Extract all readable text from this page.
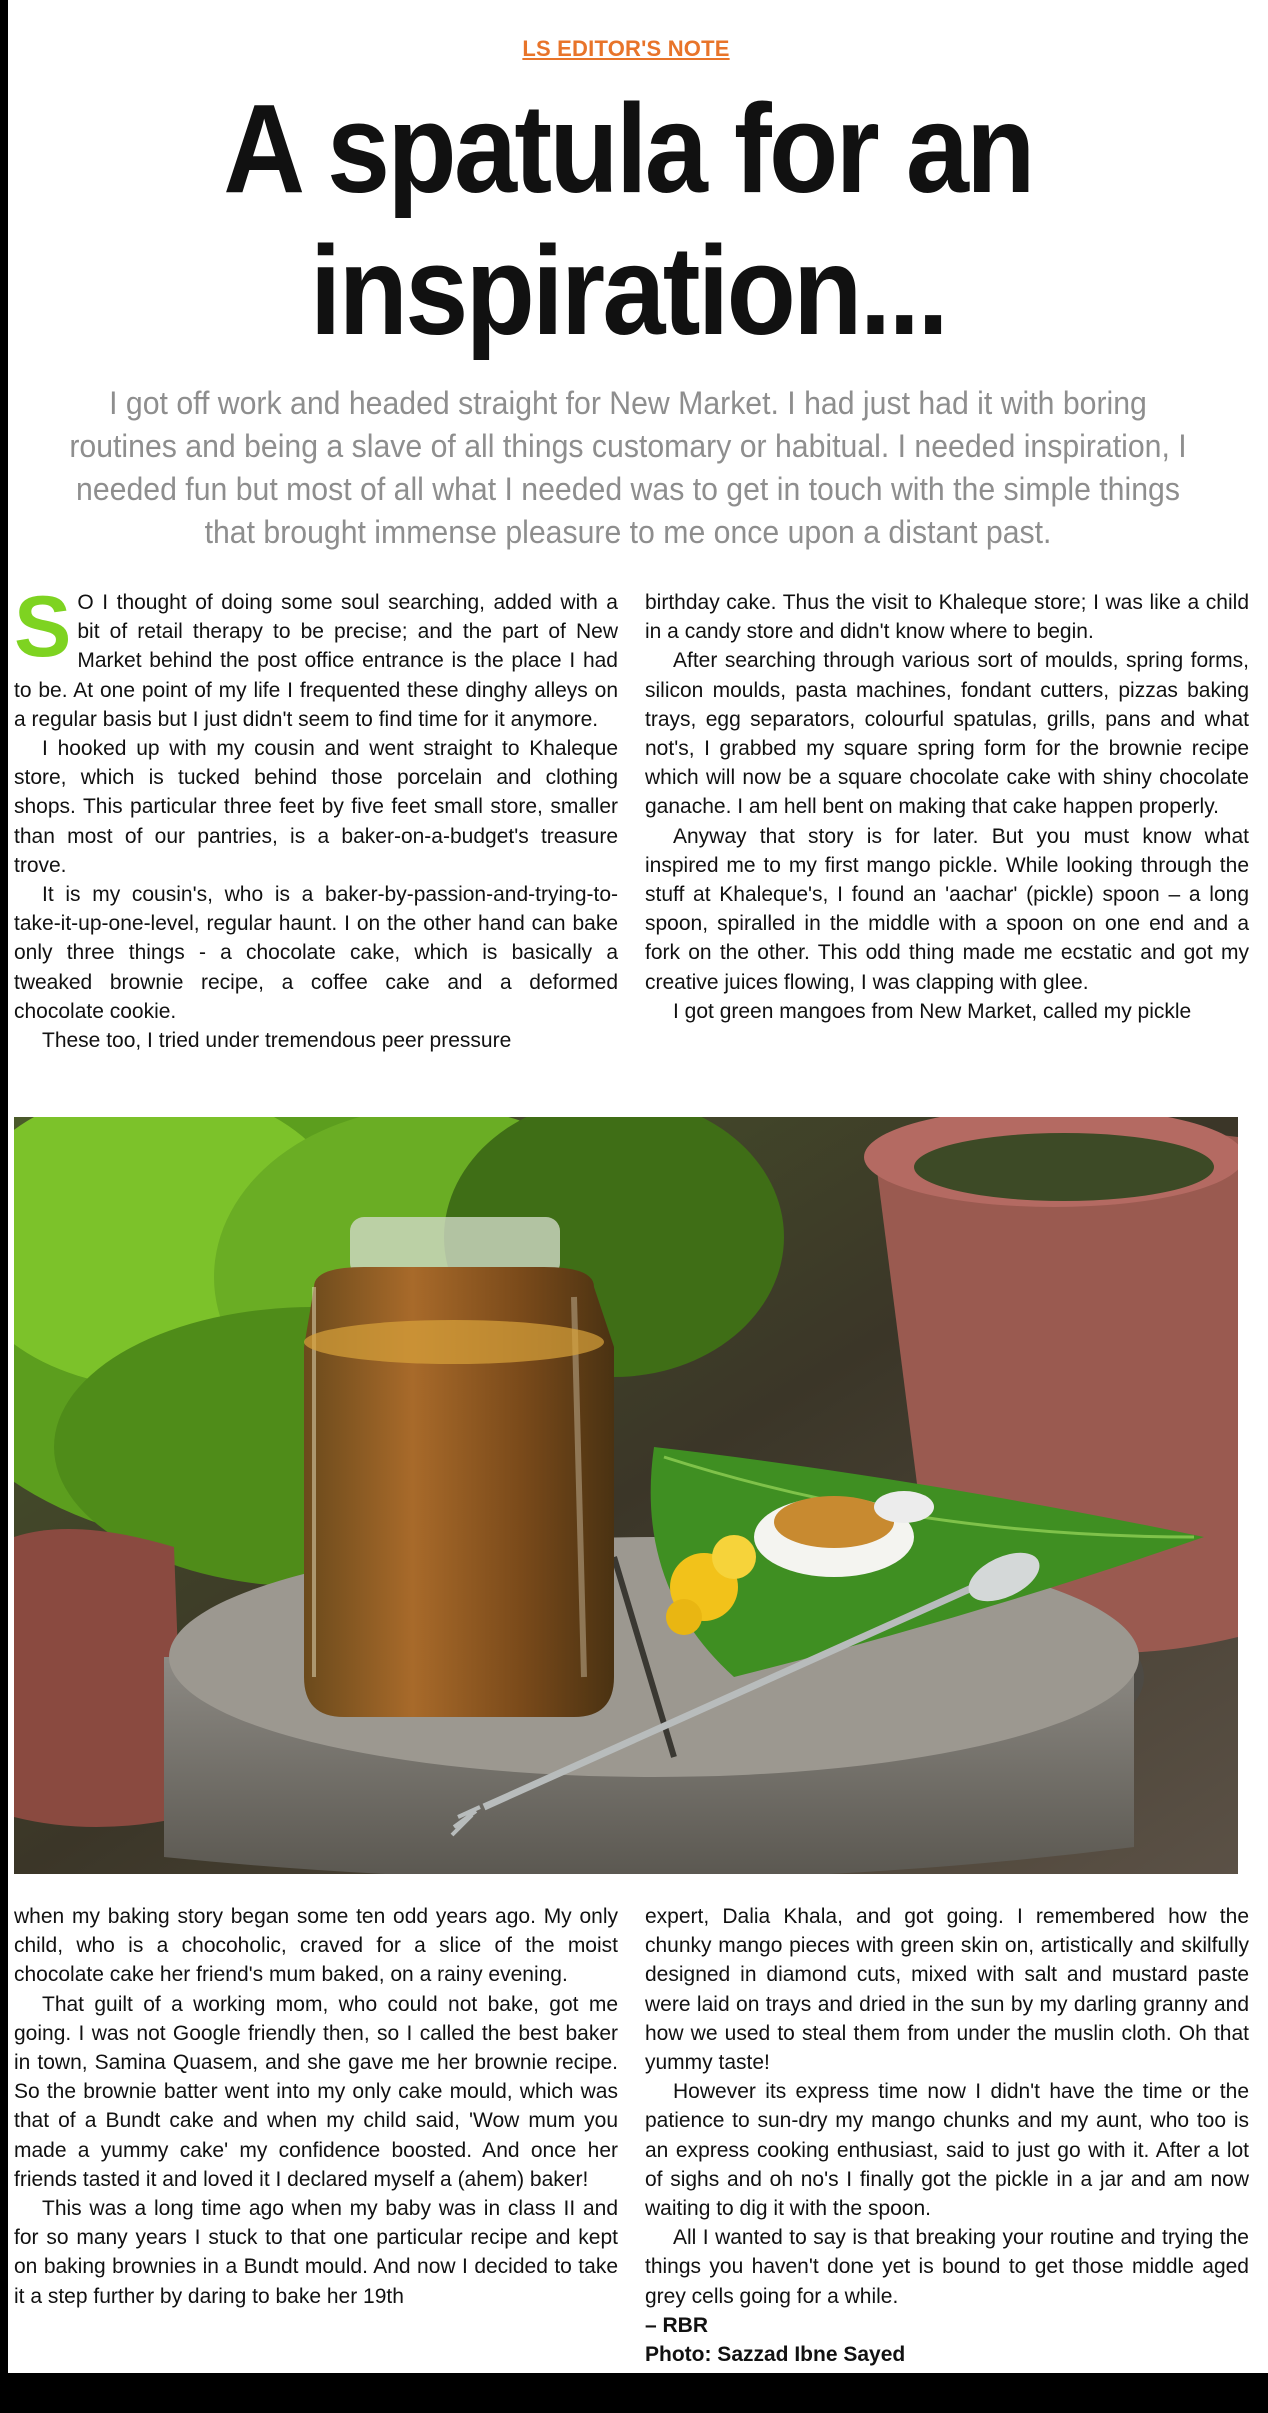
LS EDITOR'S NOTE
A spatula for an inspiration...

I got off work and headed straight for New Market. I had just had it with boring routines and being a slave of all things customary or habitual. I needed inspiration, I needed fun but most of all what I needed was to get in touch with the simple things that brought immense pleasure to me once upon a distant past.

S O I thought of doing some soul searching, added with a bit of retail therapy to be precise; and the part of New Market behind the post office entrance is the place I had to be. At one point of my life I frequented these dinghy alleys on a regular basis but I just didn't seem to find time for it anymore.

I hooked up with my cousin and went straight to Khaleque store, which is tucked behind those porcelain and clothing shops. This particular three feet by five feet small store, smaller than most of our pantries, is a baker-on-a-budget's treasure trove.

It is my cousin's, who is a baker-by-passion-and-trying-to-take-it-up-one-level, regular haunt. I on the other hand can bake only three things - a chocolate cake, which is basically a tweaked brownie recipe, a coffee cake and a deformed chocolate cookie.

These too, I tried under tremendous peer pressure

birthday cake. Thus the visit to Khaleque store; I was like a child in a candy store and didn't know where to begin.

After searching through various sort of moulds, spring forms, silicon moulds, pasta machines, fondant cutters, pizzas baking trays, egg separators, colourful spatulas, grills, pans and what not's, I grabbed my square spring form for the brownie recipe which will now be a square chocolate cake with shiny chocolate ganache. I am hell bent on making that cake happen properly.

Anyway that story is for later. But you must know what inspired me to my first mango pickle. While looking through the stuff at Khaleque's, I found an 'aachar' (pickle) spoon – a long spoon, spiralled in the middle with a spoon on one end and a fork on the other. This odd thing made me ecstatic and got my creative juices flowing, I was clapping with glee.

I got green mangoes from New Market, called my pickle

when my baking story began some ten odd years ago. My only child, who is a chocoholic, craved for a slice of the moist chocolate cake her friend's mum baked, on a rainy evening.

That guilt of a working mom, who could not bake, got me going. I was not Google friendly then, so I called the best baker in town, Samina Quasem, and she gave me her brownie recipe. So the brownie batter went into my only cake mould, which was that of a Bundt cake and when my child said, 'Wow mum you made a yummy cake' my confidence boosted. And once her friends tasted it and loved it I declared myself a (ahem) baker!

This was a long time ago when my baby was in class II and for so many years I stuck to that one particular recipe and kept on baking brownies in a Bundt mould. And now I decided to take it a step further by daring to bake her 19th

expert, Dalia Khala, and got going. I remembered how the chunky mango pieces with green skin on, artistically and skilfully designed in diamond cuts, mixed with salt and mustard paste were laid on trays and dried in the sun by my darling granny and how we used to steal them from under the muslin cloth. Oh that yummy taste!

However its express time now I didn't have the time or the patience to sun-dry my mango chunks and my aunt, who too is an express cooking enthusiast, said to just go with it. After a lot of sighs and oh no's I finally got the pickle in a jar and am now waiting to dig it with the spoon.

All I wanted to say is that breaking your routine and trying the things you haven't done yet is bound to get those middle aged grey cells going for a while.

– RBR

Photo: Sazzad Ibne Sayed
